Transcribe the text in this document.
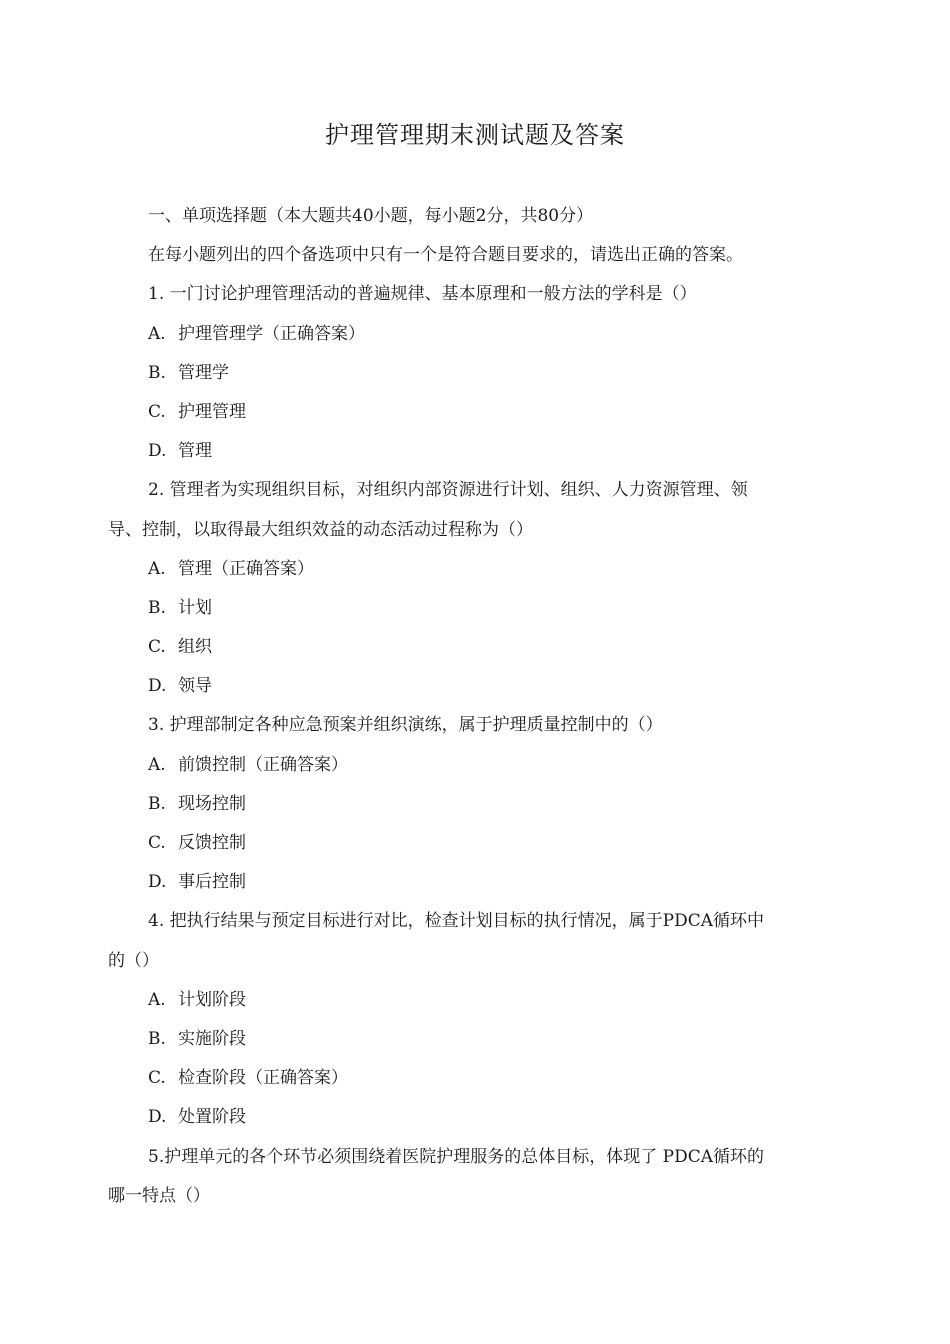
护理管理期末测试题及答案
一、单项选择题（本大题共40小题，每小题2分，共80分）
在每小题列出的四个备选项中只有一个是符合题目要求的，请选出正确的答案。
1. 一门讨论护理管理活动的普遍规律、基本原理和一般方法的学科是（）
A. 护理管理学（正确答案）
B. 管理学
C. 护理管理
D. 管理
2. 管理者为实现组织目标，对组织内部资源进行计划、组织、人力资源管理、领
导、控制，以取得最大组织效益的动态活动过程称为（）
A. 管理（正确答案）
B. 计划
C. 组织
D. 领导
3. 护理部制定各种应急预案并组织演练，属于护理质量控制中的（）
A. 前馈控制（正确答案）
B. 现场控制
C. 反馈控制
D. 事后控制
4. 把执行结果与预定目标进行对比，检查计划目标的执行情况，属于PDCA循环中
的（）
A. 计划阶段
B. 实施阶段
C. 检查阶段（正确答案）
D. 处置阶段
5.护理单元的各个环节必须围绕着医院护理服务的总体目标，体现了 PDCA循环的
哪一特点（）
